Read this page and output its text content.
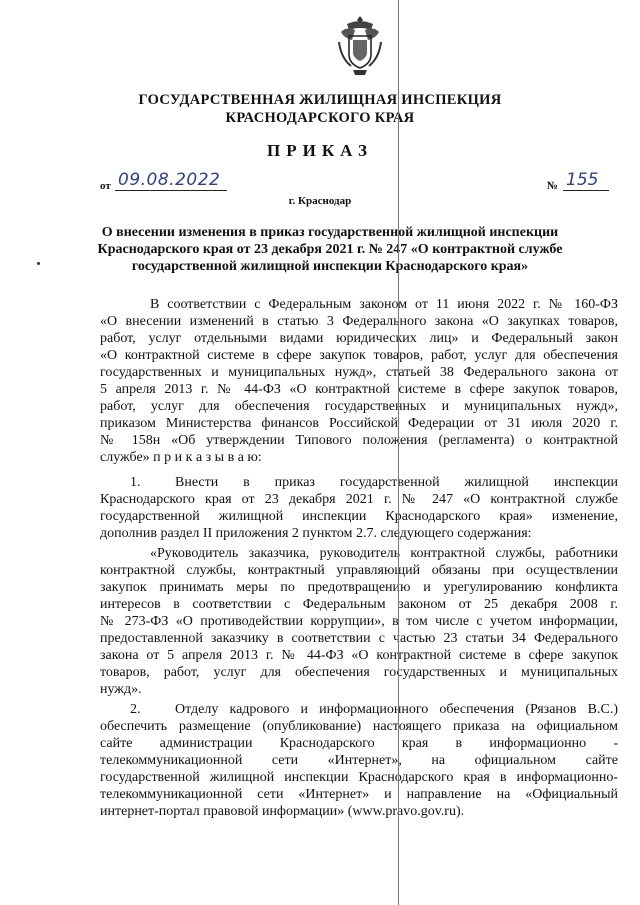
ГОСУДАРСТВЕННАЯ ЖИЛИЩНАЯ ИНСПЕКЦИЯ
КРАСНОДАРСКОГО КРАЯ
ПРИКАЗ
от 09.08.2022	№ 155
г. Краснодар
О внесении изменения в приказ государственной жилищной инспекции
Краснодарского края от 23 декабря 2021 г. № 247 «О контрактной службе
государственной жилищной инспекции Краснодарского края»
В соответствии с Федеральным законом от 11 июня 2022 г. № 160-ФЗ
«О внесении изменений в статью 3 Федерального закона «О закупках товаров,
работ, услуг отдельными видами юридических лиц» и Федеральный закон
«О контрактной системе в сфере закупок товаров, работ, услуг для обеспечения
государственных и муниципальных нужд», статьей 38 Федерального закона от
5 апреля 2013 г. № 44-ФЗ «О контрактной системе в сфере закупок товаров,
работ, услуг для обеспечения государственных и муниципальных нужд»,
приказом Министерства финансов Российской Федерации от 31 июля 2020 г.
№ 158н «Об утверждении Типового положения (регламента) о контрактной
службе» п р и к а з ы в а ю:
1. Внести в приказ государственной жилищной инспекции
Краснодарского края от 23 декабря 2021 г. № 247 «О контрактной службе
государственной жилищной инспекции Краснодарского края» изменение,
дополнив раздел II приложения 2 пунктом 2.7. следующего содержания:
«Руководитель заказчика, руководитель контрактной службы, работники
контрактной службы, контрактный управляющий обязаны при осуществлении
закупок принимать меры по предотвращению и урегулированию конфликта
интересов в соответствии с Федеральным законом от 25 декабря 2008 г.
№ 273-ФЗ «О противодействии коррупции», в том числе с учетом информации,
предоставленной заказчику в соответствии с частью 23 статьи 34 Федерального
закона от 5 апреля 2013 г. № 44-ФЗ «О контрактной системе в сфере закупок
товаров, работ, услуг для обеспечения государственных и муниципальных
нужд».
2. Отделу кадрового и информационного обеспечения (Рязанов В.С.)
обеспечить размещение (опубликование) настоящего приказа на официальном
сайте администрации Краснодарского края в информационно -
телекоммуникационной сети «Интернет», на официальном сайте
государственной жилищной инспекции Краснодарского края в информационно-
телекоммуникационной сети «Интернет» и направление на «Официальный
интернет-портал правовой информации» (www.pravo.gov.ru).
